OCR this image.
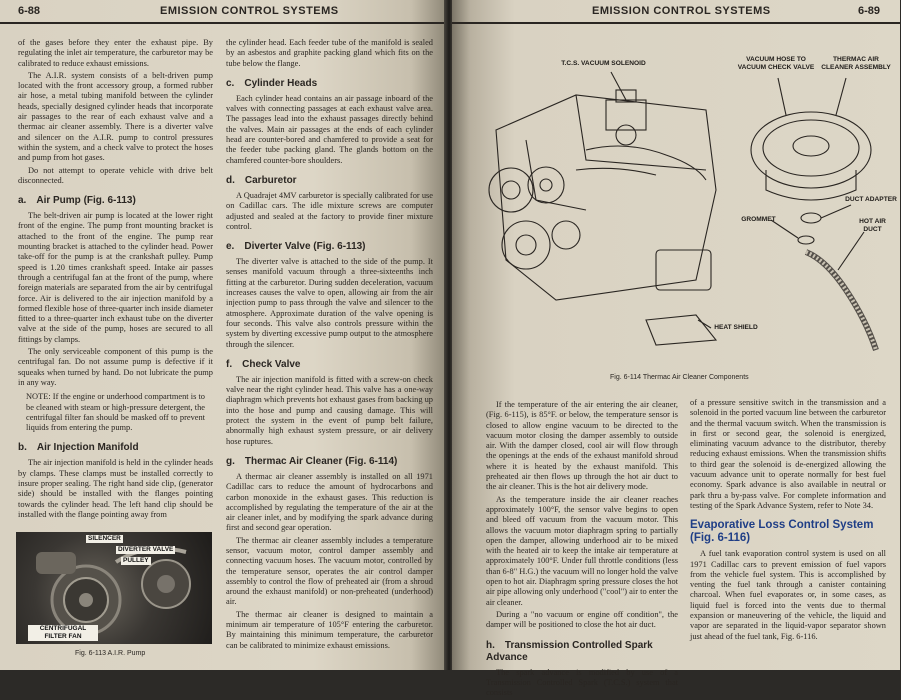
6-88	EMISSION CONTROL SYSTEMS

of the gases before they enter the exhaust pipe. By regulating the inlet air temperature, the carburetor may be calibrated to reduce exhaust emissions.

The A.I.R. system consists of a belt-driven pump located with the front accessory group, a formed rubber air hose, a metal tubing manifold between the cylinder heads, specially designed cylinder heads that incorporate air passages to the rear of each exhaust valve and a thermac air cleaner assembly. There is a diverter valve and silencer on the A.I.R. pump to control pressures within the system, and a check valve to protect the hoses and pump from hot gases.

Do not attempt to operate vehicle with drive belt disconnected.

a. Air Pump (Fig. 6-113)

The belt-driven air pump is located at the lower right front of the engine. The pump front mounting bracket is attached to the front of the engine. The pump rear mounting bracket is attached to the cylinder head. Power take-off for the pump is at the crankshaft pulley. Pump speed is 1.20 times crankshaft speed. Intake air passes through a centrifugal fan at the front of the pump, where foreign materials are separated from the air by centrifugal force. Air is delivered to the air injection manifold by a formed flexible hose of three-quarter inch inside diameter fitted to a three-quarter inch exhaust tube on the diverter valve at the side of the pump, hoses are secured to all fittings by clamps.

The only serviceable component of this pump is the centrifugal fan. Do not assume pump is defective if it squeaks when turned by hand. Do not lubricate the pump in any way.

NOTE: If the engine or underhood compartment is to be cleaned with steam or high-pressure detergent, the centrifugal filter fan should be masked off to prevent liquids from entering the pump.

b. Air Injection Manifold

The air injection manifold is held in the cylinder heads by clamps. These clamps must be installed correctly to insure proper sealing. The right hand side clip, (generator side) should be installed with the flanges pointing towards the cylinder head. The left hand clip should be installed with the flange pointing away from

SILENCER
DIVERTER VALVE
PULLEY
CENTRIFUGAL FILTER FAN
Fig. 6-113 A.I.R. Pump

the cylinder head. Each feeder tube of the manifold is sealed by an asbestos and graphite packing gland which fits on the tube below the flange.

c. Cylinder Heads

Each cylinder head contains an air passage inboard of the valves with connecting passages at each exhaust valve area. The passages lead into the exhaust passages directly behind the valves. Main air passages at the ends of each cylinder head are counter-bored and chamfered to provide a seat for the feeder tube packing gland. The glands bottom on the chamfered counter-bore shoulders.

d. Carburetor

A Quadrajet 4MV carburetor is specially calibrated for use on Cadillac cars. The idle mixture screws are computer adjusted and sealed at the factory to provide finer mixture control.

e. Diverter Valve (Fig. 6-113)

The diverter valve is attached to the side of the pump. It senses manifold vacuum through a three-sixteenths inch fitting at the carburetor. During sudden deceleration, vacuum increases causes the valve to open, allowing air from the air injection pump to pass through the valve and silencer to the atmosphere. Approximate duration of the valve opening is four seconds. This valve also controls pressure within the system by diverting excessive pump output to the atmosphere through the silencer.

f. Check Valve

The air injection manifold is fitted with a screw-on check valve near the right cylinder head. This valve has a one-way diaphragm which prevents hot exhaust gases from backing up into the hose and pump and causing damage. This will protect the system in the event of pump belt failure, abnormally high exhaust system pressure, or air delivery hose ruptures.

g. Thermac Air Cleaner (Fig. 6-114)

A thermac air cleaner assembly is installed on all 1971 Cadillac cars to reduce the amount of hydrocarbons and carbon monoxide in the exhaust gases. This reduction is accomplished by regulating the temperature of the air at the air cleaner inlet, and by modifying the spark advance during first and second gear operation.

The thermac air cleaner assembly includes a temperature sensor, vacuum motor, control damper assembly and connecting vacuum hoses. The vacuum motor, controlled by the temperature sensor, operates the air control damper assembly to control the flow of preheated air (from a shroud around the exhaust manifold) or non-preheated (underhood) air.

The thermac air cleaner is designed to maintain a minimum air temperature of 105°F entering the carburetor. By maintaining this minimum temperature, the carburetor can be calibrated to minimize exhaust emissions.

EMISSION CONTROL SYSTEMS	6-89
T.C.S. VACUUM SOLENOID
VACUUM HOSE TO VACUUM CHECK VALVE
THERMAC AIR CLEANER ASSEMBLY
DUCT ADAPTER
GROMMET	HOT AIR DUCT
HEAT SHIELD
Fig. 6-114 Thermac Air Cleaner Components

If the temperature of the air entering the air cleaner, (Fig. 6-115), is 85°F. or below, the temperature sensor is closed to allow engine vacuum to be directed to the vacuum motor closing the damper assembly to outside air. With the damper closed, cool air will flow through the openings at the ends of the exhaust manifold shroud where it is heated by the exhaust manifold. This preheated air then flows up through the hot air duct to the air cleaner. This is the hot air delivery mode.

As the temperature inside the air cleaner reaches approximately 100°F, the sensor valve begins to open and bleed off vacuum from the vacuum motor. This allows the vacuum motor diaphragm spring to partially open the damper, allowing underhood air to be mixed with the heated air to keep the intake air temperature at approximately 100°F. Under full throttle conditions (less than 6-8" H.G.) the vacuum will no longer hold the valve open to hot air. Diaphragm spring pressure closes the hot air pipe allowing only underhood ("cool") air to enter the air cleaner.

During a "no vacuum or engine off condition", the damper will be positioned to close the hot air duct.

h. Transmission Controlled Spark Advance

The spark advance is modified by use of a Transmission Controlled Spark (T.C.S.) system that consists

of a pressure sensitive switch in the transmission and a solenoid in the ported vacuum line between the carburetor and the thermal vacuum switch. When the transmission is in first or second gear, the solenoid is energized, eliminating vacuum advance to the distributor, thereby reducing exhaust emissions. When the transmission shifts to third gear the solenoid is de-energized allowing the vacuum advance unit to operate normally for best fuel economy. Spark advance is also available in neutral or park thru a by-pass valve. For complete information and testing of the Spark Advance System, refer to Note 34.

Evaporative Loss Control System (Fig. 6-116)

A fuel tank evaporation control system is used on all 1971 Cadillac cars to prevent emission of fuel vapors from the vehicle fuel system. This is accomplished by venting the fuel tank through a canister containing charcoal. When fuel evaporates or, in some cases, as liquid fuel is forced into the vents due to thermal expansion or maneuvering of the vehicle, the liquid and vapor are separated in the liquid-vapor separator shown just ahead of the fuel tank, Fig. 6-116.
